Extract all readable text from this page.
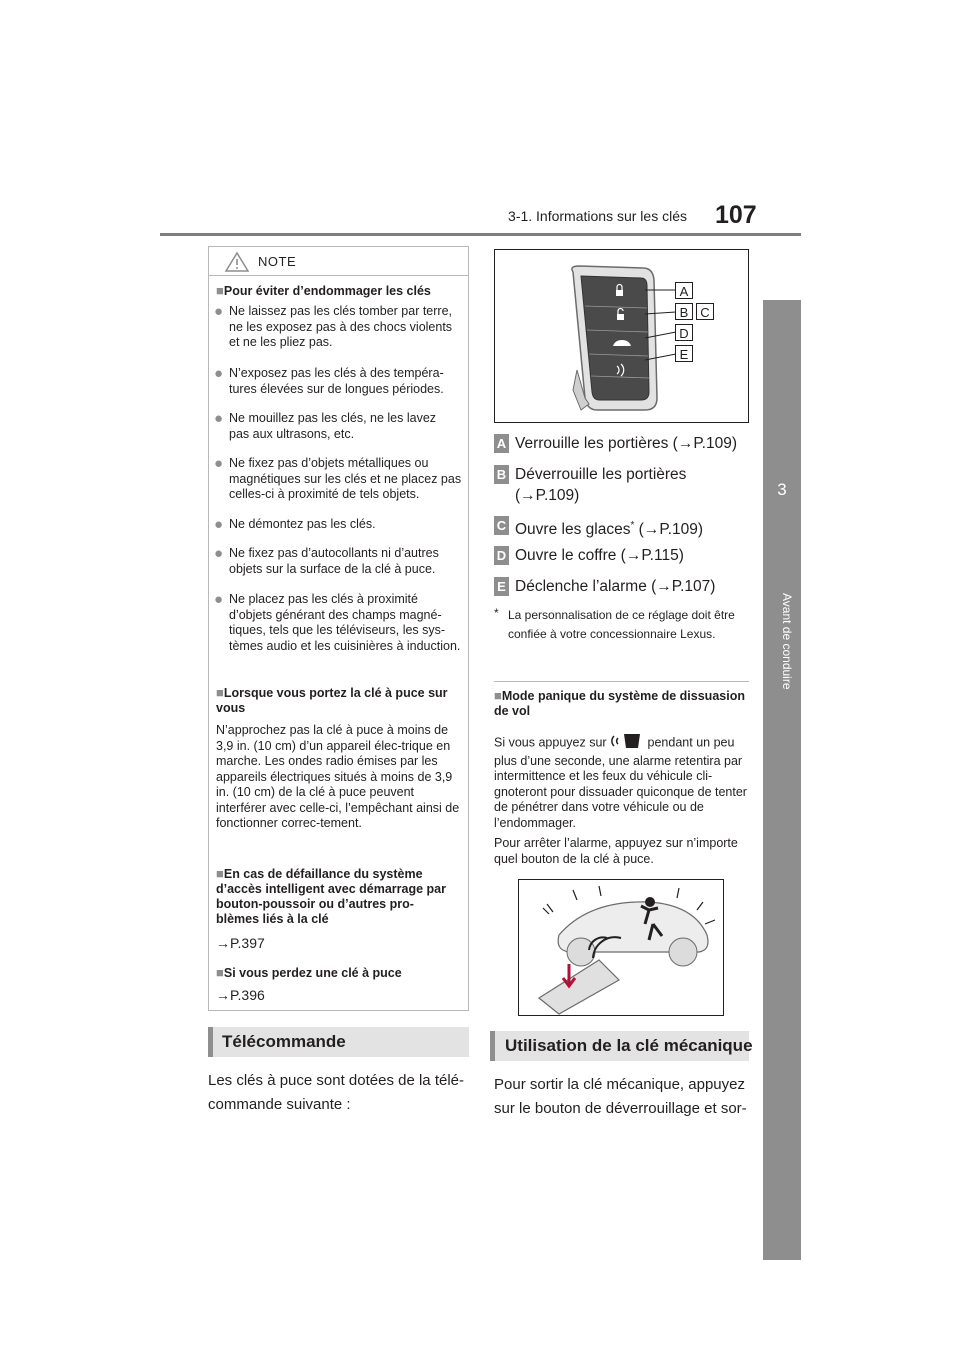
3-1. Informations sur les clés 107
3
Avant de conduire
NOTE
■Pour éviter d’endommager les clés
● Ne laissez pas les clés tomber par terre, ne les exposez pas à des chocs violents et ne les pliez pas.
● N’exposez pas les clés à des tempéra-tures élevées sur de longues périodes.
● Ne mouillez pas les clés, ne les lavez pas aux ultrasons, etc.
● Ne fixez pas d’objets métalliques ou magnétiques sur les clés et ne placez pas celles-ci à proximité de tels objets.
● Ne démontez pas les clés.
● Ne fixez pas d’autocollants ni d’autres objets sur la surface de la clé à puce.
● Ne placez pas les clés à proximité d’objets générant des champs magné-tiques, tels que les téléviseurs, les sys-tèmes audio et les cuisinières à induction.
■Lorsque vous portez la clé à puce sur vous
N’approchez pas la clé à puce à moins de 3,9 in. (10 cm) d’un appareil élec-trique en marche. Les ondes radio émises par les appareils électriques situés à moins de 3,9 in. (10 cm) de la clé à puce peuvent interférer avec celle-ci, l’empêchant ainsi de fonctionner correc-tement.
■En cas de défaillance du système d’accès intelligent avec démarrage par bouton-poussoir ou d’autres pro-blèmes liés à la clé
→P.397
■Si vous perdez une clé à puce
→P.396
Télécommande
Les clés à puce sont dotées de la télé-commande suivante :
A
B C
D
E
A Verrouille les portières (→P.109)
B Déverrouille les portières
(→P.109)
C Ouvre les glaces* (→P.109)
D Ouvre le coffre (→P.115)
E Déclenche l’alarme (→P.107)
* La personnalisation de ce réglage doit être confiée à votre concessionnaire Lexus.
■Mode panique du système de dissuasion de vol
Si vous appuyez sur	pendant un peu plus d’une seconde, une alarme retentira par intermittence et les feux du véhicule cli-gnoteront pour dissuader quiconque de tenter de pénétrer dans votre véhicule ou de l’endommager.
Pour arrêter l’alarme, appuyez sur n’importe quel bouton de la clé à puce.
Utilisation de la clé mécanique
Pour sortir la clé mécanique, appuyez sur le bouton de déverrouillage et sor-
